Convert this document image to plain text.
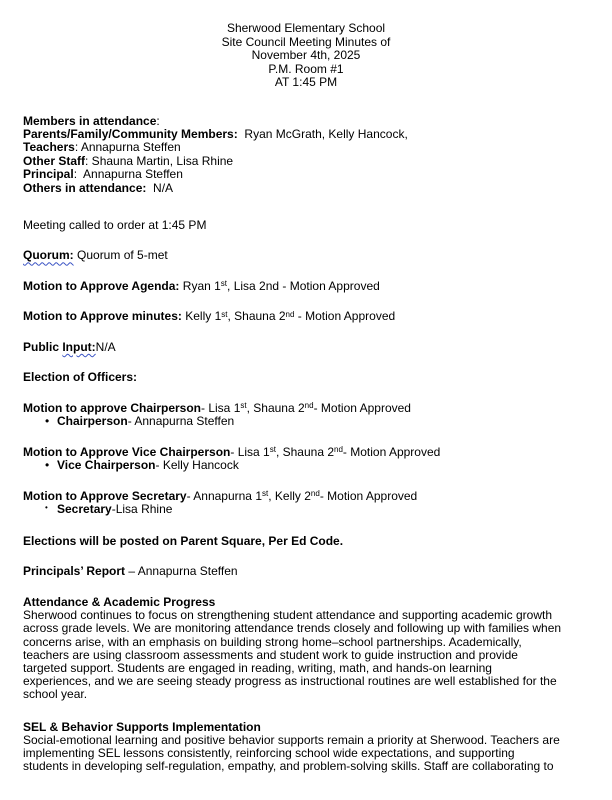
Sherwood Elementary School
Site Council Meeting Minutes of
November 4th, 2025
P.M. Room #1
AT 1:45 PM
Members in attendance:
Parents/Family/Community Members:  Ryan McGrath, Kelly Hancock,
Teachers: Annapurna Steffen
Other Staff: Shauna Martin, Lisa Rhine
Principal:  Annapurna Steffen
Others in attendance:  N/A
Meeting called to order at 1:45 PM
Quorum: Quorum of 5-met
Motion to Approve Agenda: Ryan 1st, Lisa 2nd - Motion Approved
Motion to Approve minutes: Kelly 1st, Shauna 2nd - Motion Approved
Public Input:N/A
Election of Officers:
Motion to approve Chairperson- Lisa 1st, Shauna 2nd- Motion Approved
• Chairperson- Annapurna Steffen
Motion to Approve Vice Chairperson- Lisa 1st, Shauna 2nd- Motion Approved
• Vice Chairperson- Kelly Hancock
Motion to Approve Secretary- Annapurna 1st, Kelly 2nd- Motion Approved
• Secretary-Lisa Rhine
Elections will be posted on Parent Square, Per Ed Code.
Principals’ Report – Annapurna Steffen
Attendance & Academic Progress
Sherwood continues to focus on strengthening student attendance and supporting academic growth
across grade levels. We are monitoring attendance trends closely and following up with families when
concerns arise, with an emphasis on building strong home–school partnerships. Academically,
teachers are using classroom assessments and student work to guide instruction and provide
targeted support. Students are engaged in reading, writing, math, and hands-on learning
experiences, and we are seeing steady progress as instructional routines are well established for the
school year.
SEL & Behavior Supports Implementation
Social-emotional learning and positive behavior supports remain a priority at Sherwood. Teachers are
implementing SEL lessons consistently, reinforcing school wide expectations, and supporting
students in developing self-regulation, empathy, and problem-solving skills. Staff are collaborating to
